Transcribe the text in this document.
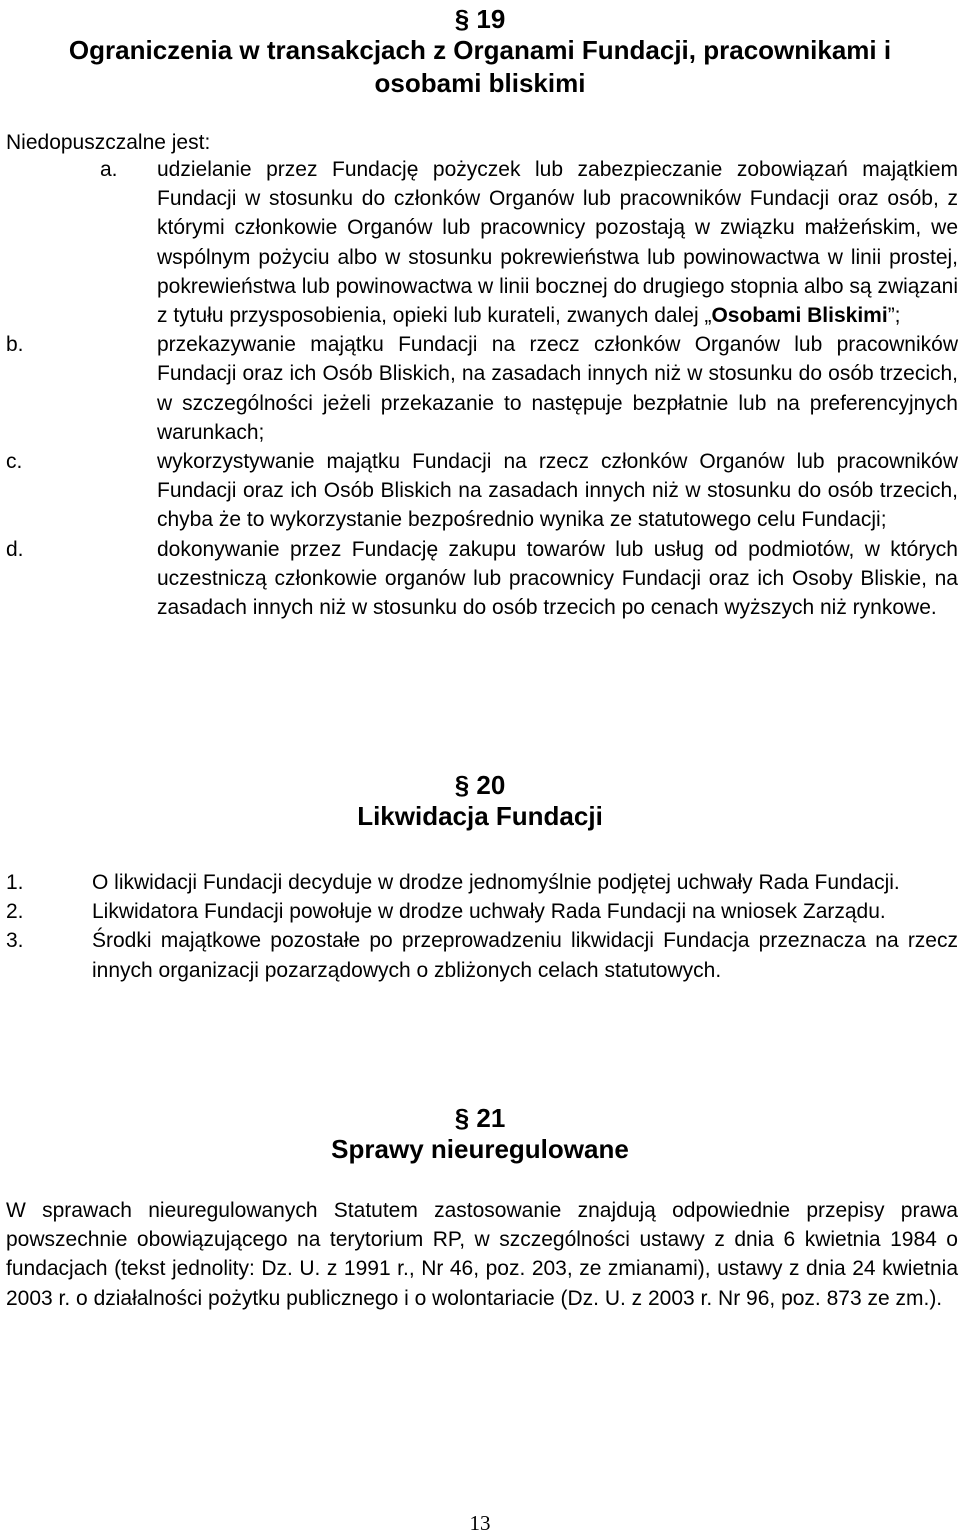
§ 19

Ograniczenia w transakcjach z Organami Fundacji, pracownikami i

osobami bliskimi

Niedopuszczalne jest:
a. udzielanie przez Fundację pożyczek lub zabezpieczanie zobowiązań majątkiem Fundacji w stosunku do członków Organów lub pracowników Fundacji oraz osób, z którymi członkowie Organów lub pracownicy pozostają w związku małżeńskim, we wspólnym pożyciu albo w stosunku pokrewieństwa lub powinowactwa w linii prostej, pokrewieństwa lub powinowactwa w linii bocznej do drugiego stopnia albo są związani z tytułu przysposobienia, opieki lub kurateli, zwanych dalej „Osobami Bliskimi”;

b.	przekazywanie majątku Fundacji na rzecz członków Organów lub pracowników Fundacji oraz ich Osób Bliskich, na zasadach innych niż w stosunku do osób trzecich, w szczególności jeżeli przekazanie to następuje bezpłatnie lub na preferencyjnych warunkach;

c.	wykorzystywanie majątku Fundacji na rzecz członków Organów lub pracowników Fundacji oraz ich Osób Bliskich na zasadach innych niż w stosunku do osób trzecich, chyba że to wykorzystanie bezpośrednio wynika ze statutowego celu Fundacji;

d.	dokonywanie przez Fundację zakupu towarów lub usług od podmiotów, w których uczestniczą członkowie organów lub pracownicy Fundacji oraz ich Osoby Bliskie, na zasadach innych niż w stosunku do osób trzecich po cenach wyższych niż rynkowe.

§ 20

Likwidacja Fundacji

1.	O likwidacji Fundacji decyduje w drodze jednomyślnie podjętej uchwały Rada Fundacji.

2.	Likwidatora Fundacji powołuje w drodze uchwały Rada Fundacji na wniosek Zarządu.

3.	Środki majątkowe pozostałe po przeprowadzeniu likwidacji Fundacja przeznacza na rzecz innych organizacji pozarządowych o zbliżonych celach statutowych.

§ 21

Sprawy nieuregulowane

W sprawach nieuregulowanych Statutem zastosowanie znajdują odpowiednie przepisy prawa powszechnie obowiązującego na terytorium RP, w szczególności ustawy z dnia 6 kwietnia 1984 o fundacjach (tekst jednolity: Dz. U. z 1991 r., Nr 46, poz. 203, ze zmianami), ustawy z dnia 24 kwietnia 2003 r. o działalności pożytku publicznego i o wolontariacie (Dz. U. z 2003 r. Nr 96, poz. 873 ze zm.).

13
